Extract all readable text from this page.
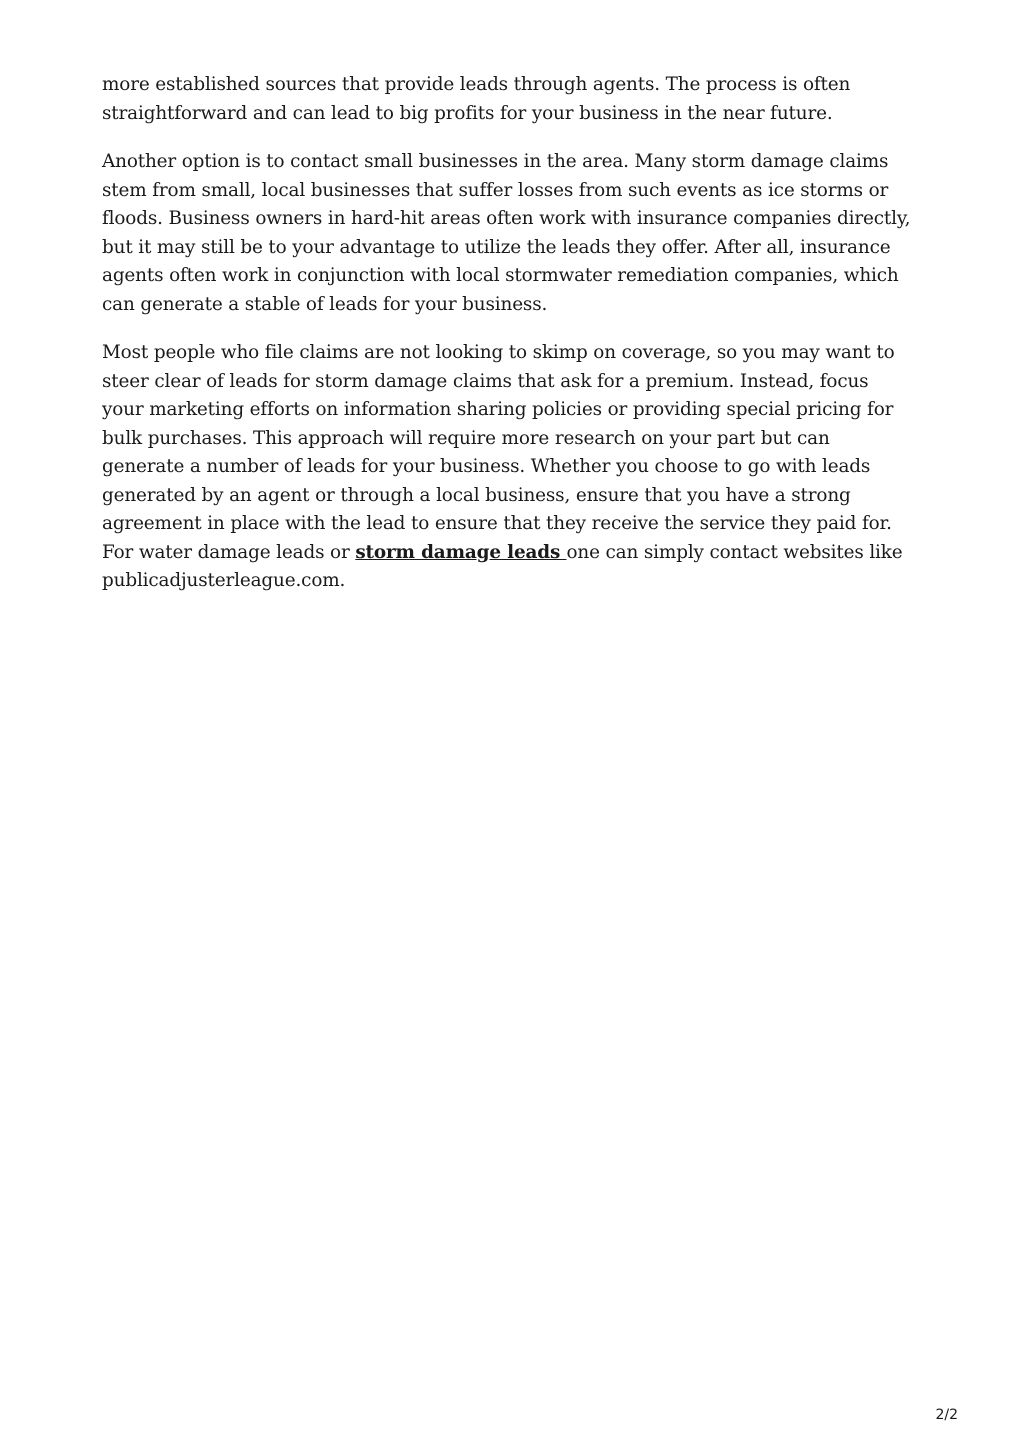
more established sources that provide leads through agents. The process is often straightforward and can lead to big profits for your business in the near future.

Another option is to contact small businesses in the area. Many storm damage claims stem from small, local businesses that suffer losses from such events as ice storms or floods. Business owners in hard-hit areas often work with insurance companies directly, but it may still be to your advantage to utilize the leads they offer. After all, insurance agents often work in conjunction with local stormwater remediation companies, which can generate a stable of leads for your business.

Most people who file claims are not looking to skimp on coverage, so you may want to steer clear of leads for storm damage claims that ask for a premium. Instead, focus your marketing efforts on information sharing policies or providing special pricing for bulk purchases. This approach will require more research on your part but can generate a number of leads for your business. Whether you choose to go with leads generated by an agent or through a local business, ensure that you have a strong agreement in place with the lead to ensure that they receive the service they paid for. For water damage leads or storm damage leads one can simply contact websites like publicadjusterleague.com.

2/2
